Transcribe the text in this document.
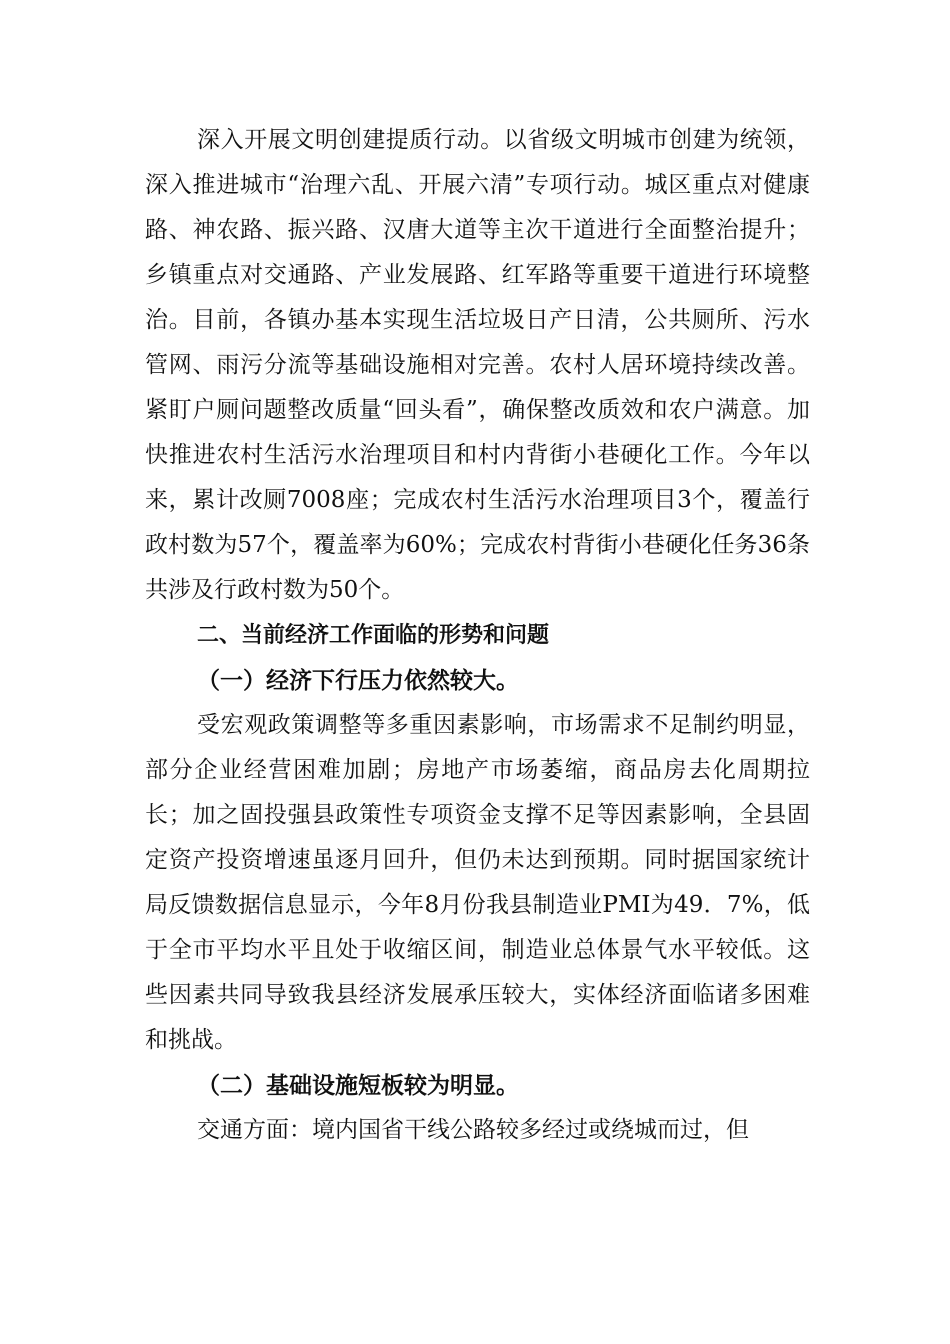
深入开展文明创建提质行动。以省级文明城市创建为统领，深入推进城市“治理六乱、开展六清”专项行动。城区重点对健康路、神农路、振兴路、汉唐大道等主次干道进行全面整治提升；乡镇重点对交通路、产业发展路、红军路等重要干道进行环境整治。目前，各镇办基本实现生活垃圾日产日清，公共厕所、污水管网、雨污分流等基础设施相对完善。农村人居环境持续改善。紧盯户厕问题整改质量“回头看”，确保整改质效和农户满意。加快推进农村生活污水治理项目和村内背街小巷硬化工作。今年以来，累计改厕7008座；完成农村生活污水治理项目3个，覆盖行政村数为57个，覆盖率为60%；完成农村背街小巷硬化任务36条共涉及行政村数为50个。

二、当前经济工作面临的形势和问题

（一）经济下行压力依然较大。

受宏观政策调整等多重因素影响，市场需求不足制约明显，部分企业经营困难加剧；房地产市场萎缩，商品房去化周期拉长；加之固投强县政策性专项资金支撑不足等因素影响，全县固定资产投资增速虽逐月回升，但仍未达到预期。同时据国家统计局反馈数据信息显示，今年8月份我县制造业PMI为49．7%，低于全市平均水平且处于收缩区间，制造业总体景气水平较低。这些因素共同导致我县经济发展承压较大，实体经济面临诸多困难和挑战。

（二）基础设施短板较为明显。

交通方面：境内国省干线公路较多经过或绕城而过，但
